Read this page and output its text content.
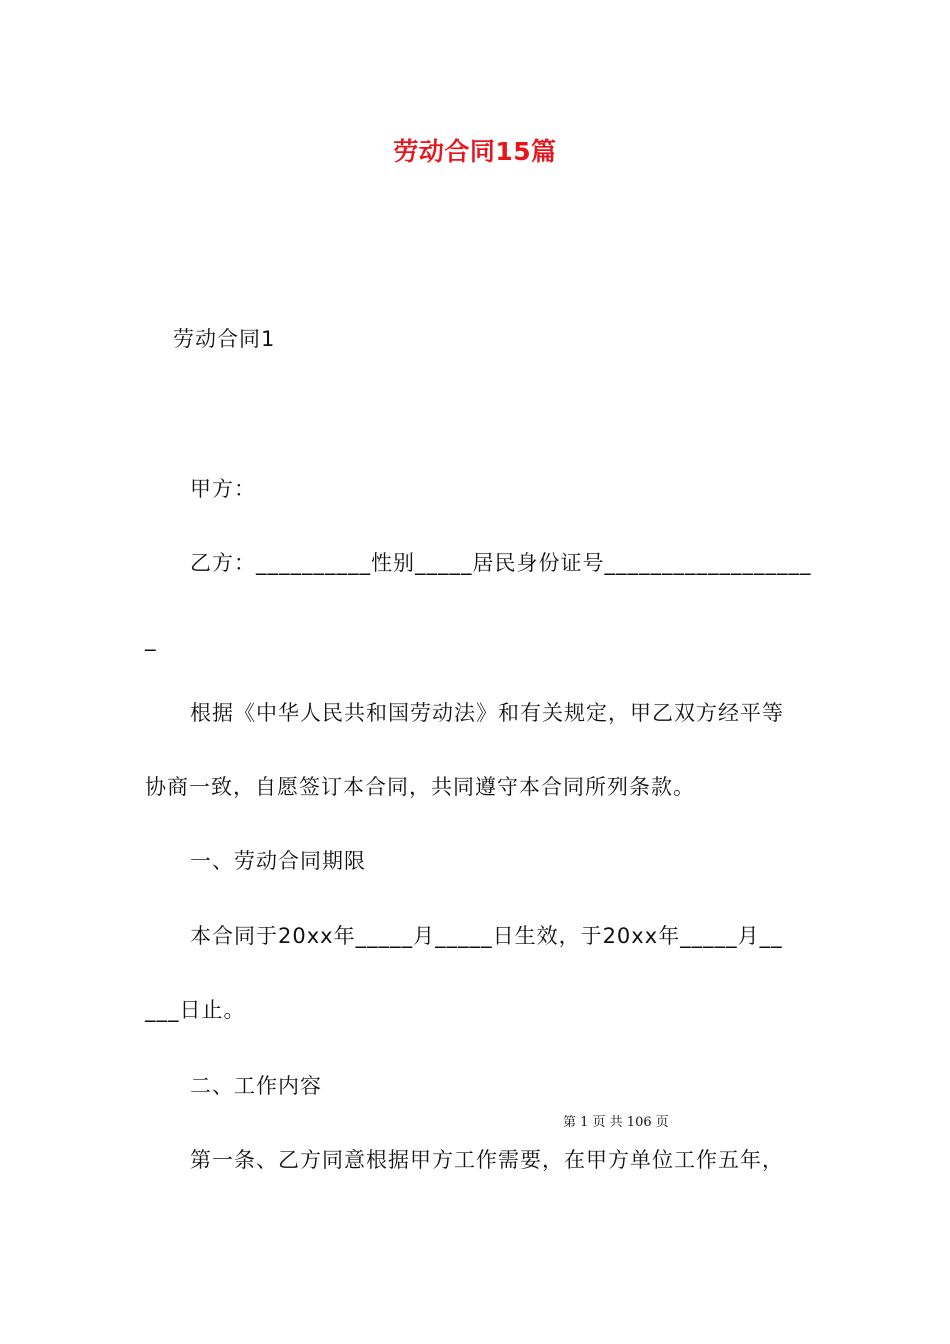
劳动合同15篇
劳动合同1
甲方：
乙方：__________性别_____居民身份证号__________________
_
根据《中华人民共和国劳动法》和有关规定，甲乙双方经平等
协商一致，自愿签订本合同，共同遵守本合同所列条款。
一、劳动合同期限
本合同于20xx年_____月_____日生效，于20xx年_____月__
___日止。
二、工作内容
第 1 页 共 106 页
第一条、乙方同意根据甲方工作需要，在甲方单位工作五年，
